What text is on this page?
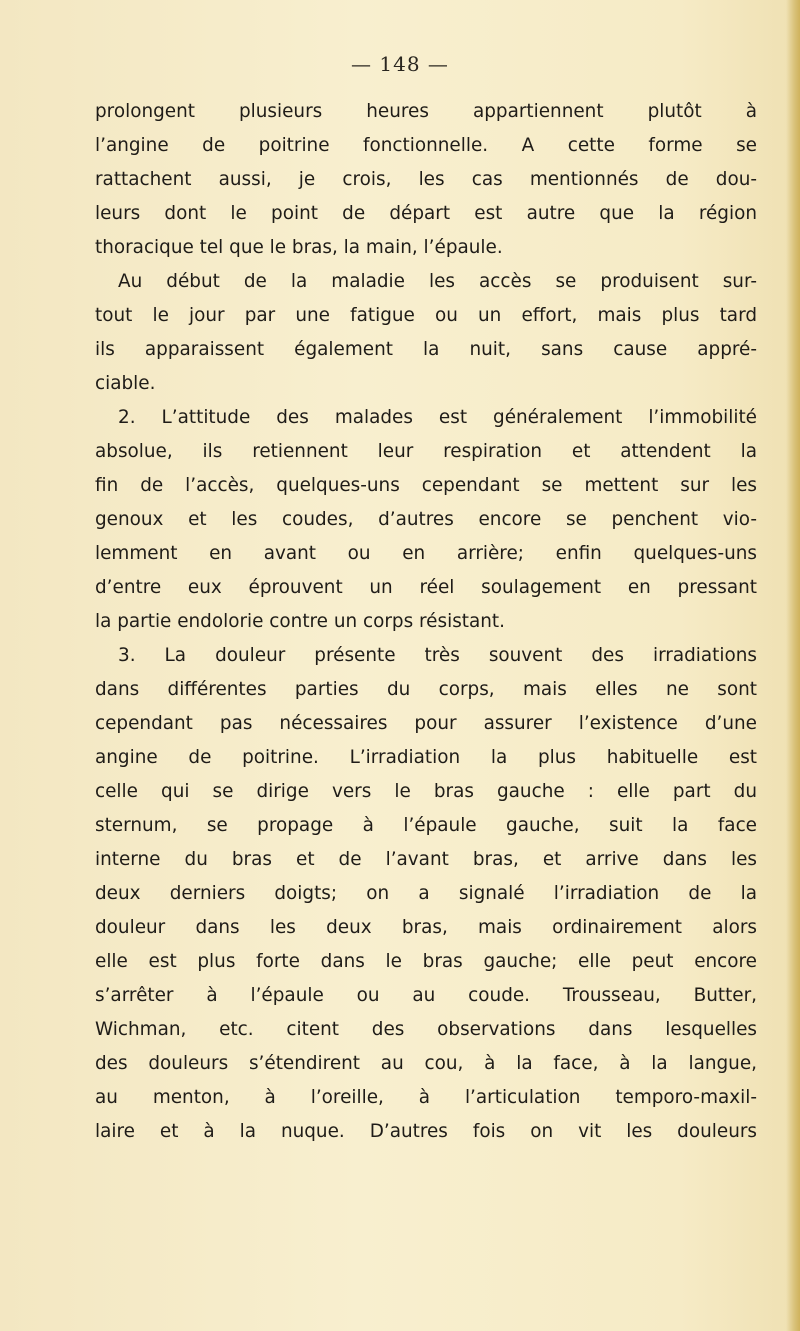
— 148 —
prolongent plusieurs heures appartiennent plutôt à
l’angine de poitrine fonctionnelle. A cette forme se
rattachent aussi, je crois, les cas mentionnés de dou-
leurs dont le point de départ est autre que la région
thoracique tel que le bras, la main, l’épaule.
Au début de la maladie les accès se produisent sur-
tout le jour par une fatigue ou un effort, mais plus tard
ils apparaissent également la nuit, sans cause appré-
ciable.
2. L’attitude des malades est généralement l’immobilité
absolue, ils retiennent leur respiration et attendent la
fin de l’accès, quelques-uns cependant se mettent sur les
genoux et les coudes, d’autres encore se penchent vio-
lemment en avant ou en arrière; enfin quelques-uns
d’entre eux éprouvent un réel soulagement en pressant
la partie endolorie contre un corps résistant.
3. La douleur présente très souvent des irradiations
dans différentes parties du corps, mais elles ne sont
cependant pas nécessaires pour assurer l’existence d’une
angine de poitrine. L’irradiation la plus habituelle est
celle qui se dirige vers le bras gauche : elle part du
sternum, se propage à l’épaule gauche, suit la face
interne du bras et de l’avant bras, et arrive dans les
deux derniers doigts; on a signalé l’irradiation de la
douleur dans les deux bras, mais ordinairement alors
elle est plus forte dans le bras gauche; elle peut encore
s’arrêter à l’épaule ou au coude. Trousseau, Butter,
Wichman, etc. citent des observations dans lesquelles
des douleurs s’étendirent au cou, à la face, à la langue,
au menton, à l’oreille, à l’articulation temporo-maxil-
laire et à la nuque. D’autres fois on vit les douleurs
